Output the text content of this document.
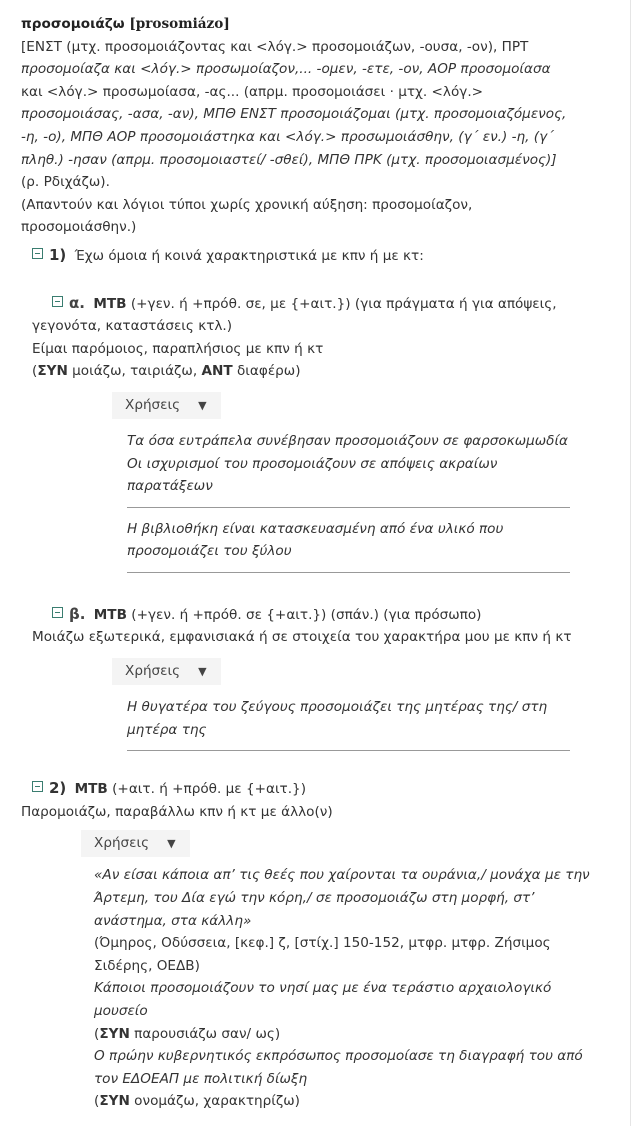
προσομοιάζω [prosomiázo]
[ΕΝΣΤ (μτχ. προσομοιάζοντας και <λόγ.> προσομοιάζων, -ουσα, -ον), ΠΡΤ
προσομοίαζα και <λόγ.> προσωμοίαζον,... -ομεν, -ετε, -ον, ΑΟΡ προσομοίασα
και <λόγ.> προσωμοίασα, -ας... (απρμ. προσομοιάσει · μτχ. <λόγ.>
προσομοιάσας, -ασα, -αν), ΜΠΘ ΕΝΣΤ προσομοιάζομαι (μτχ. προσομοιαζόμενος,
-η, -ο), ΜΠΘ ΑΟΡ προσομοιάστηκα και <λόγ.> προσωμοιάσθην, (γ΄ εν.) -η, (γ΄
πληθ.) -ησαν (απρμ. προσομοιαστεί/ -σθεί), ΜΠΘ ΠΡΚ (μτχ. προσομοιασμένος)]
(ρ. Ρδιχάζω).
(Απαντούν και λόγιοι τύποι χωρίς χρονική αύξηση: προσομοίαζον,
προσομοιάσθην.)
1) Έχω όμοια ή κοινά χαρακτηριστικά με κπν ή με κτ:
α. ΜΤΒ (+γεν. ή +πρόθ. σε, με {+αιτ.}) (για πράγματα ή για απόψεις,
γεγονότα, καταστάσεις κτλ.)
Είμαι παρόμοιος, παραπλήσιος με κπν ή κτ
(ΣΥΝ μοιάζω, ταιριάζω, ΑΝΤ διαφέρω)
Χρήσεις ▼
Τα όσα ευτράπελα συνέβησαν προσομοιάζουν σε φαρσοκωμωδία
Οι ισχυρισμοί του προσομοιάζουν σε απόψεις ακραίων παρατάξεων
Η βιβλιοθήκη είναι κατασκευασμένη από ένα υλικό που προσομοιάζει του ξύλου
β. ΜΤΒ (+γεν. ή +πρόθ. σε {+αιτ.}) (σπάν.) (για πρόσωπο)
Μοιάζω εξωτερικά, εμφανισιακά ή σε στοιχεία του χαρακτήρα μου με κπν ή κτ
Χρήσεις ▼
Η θυγατέρα του ζεύγους προσομοιάζει της μητέρας της/ στη μητέρα της
2) ΜΤΒ (+αιτ. ή +πρόθ. με {+αιτ.})
Παρομοιάζω, παραβάλλω κπν ή κτ με άλλο(ν)
Χρήσεις ▼
«Αν είσαι κάποια απ’ τις θεές που χαίρονται τα ουράνια,/ μονάχα με την Άρτεμη, του Δία εγώ την κόρη,/ σε προσομοιάζω στη μορφή, στ’ ανάστημα, στα κάλλη»
(Όμηρος, Οδύσσεια, [κεφ.] ζ, [στίχ.] 150-152, μτφρ. μτφρ. Ζήσιμος
Σιδέρης, ΟΕΔΒ)
Κάποιοι προσομοιάζουν το νησί μας με ένα τεράστιο αρχαιολογικό μουσείο
(ΣΥΝ παρουσιάζω σαν/ ως)
Ο πρώην κυβερνητικός εκπρόσωπος προσομοίασε τη διαγραφή του από τον ΕΔΟΕΑΠ με πολιτική δίωξη
(ΣΥΝ ονομάζω, χαρακτηρίζω)
